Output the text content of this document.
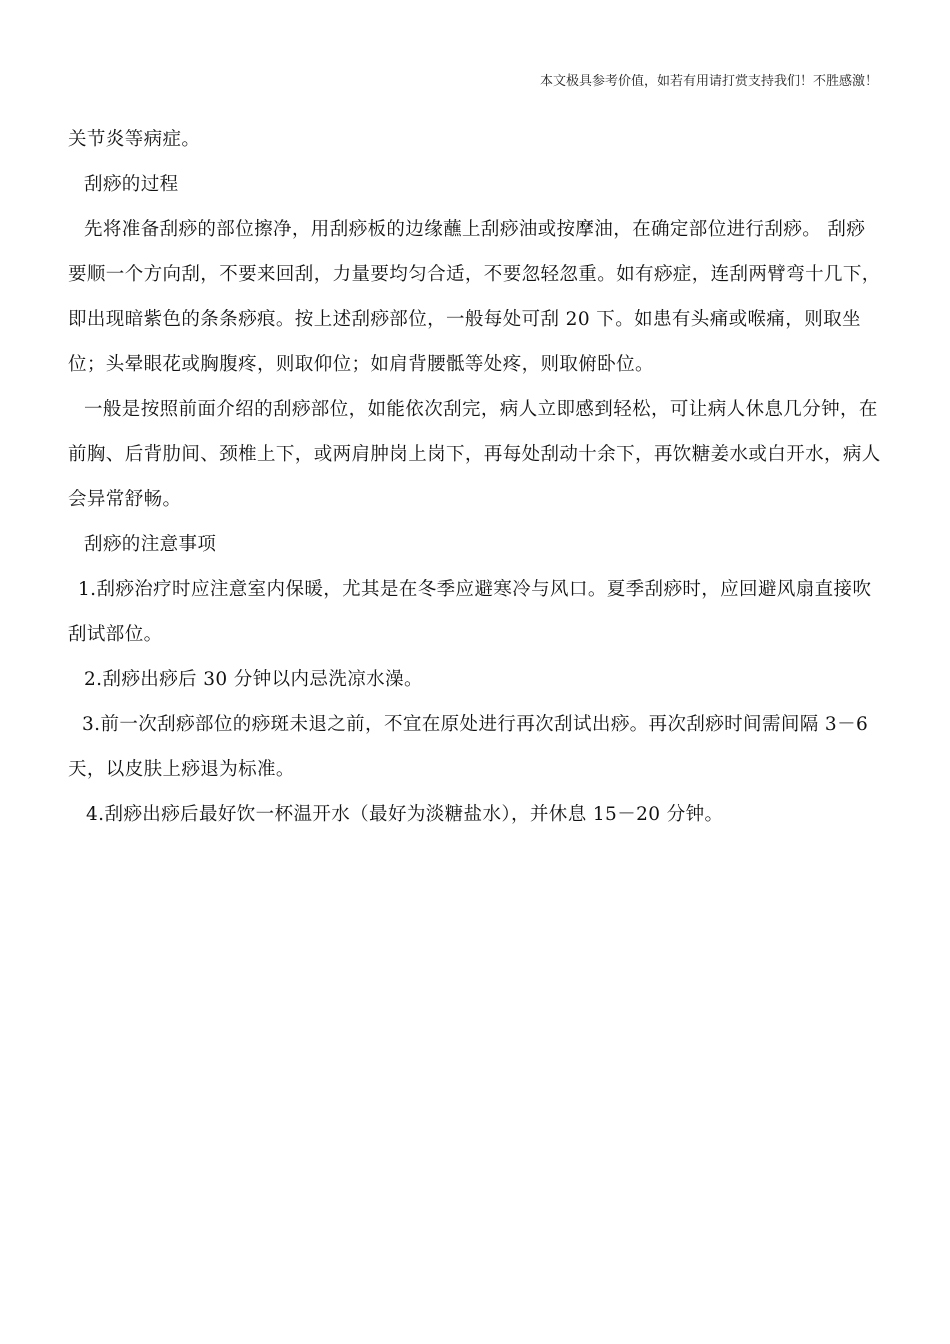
本文极具参考价值，如若有用请打赏支持我们！不胜感激！

关节炎等病症。

刮痧的过程

先将准备刮痧的部位擦净，用刮痧板的边缘蘸上刮痧油或按摩油，在确定部位进行刮痧。 刮痧要顺一个方向刮，不要来回刮，力量要均匀合适，不要忽轻忽重。如有痧症，连刮两臂弯十几下，即出现暗紫色的条条痧痕。按上述刮痧部位，一般每处可刮 20 下。如患有头痛或喉痛，则取坐位；头晕眼花或胸腹疼，则取仰位；如肩背腰骶等处疼，则取俯卧位。

一般是按照前面介绍的刮痧部位，如能依次刮完，病人立即感到轻松，可让病人休息几分钟，在前胸、后背肋间、颈椎上下，或两肩肿岗上岗下，再每处刮动十余下，再饮糖姜水或白开水，病人会异常舒畅。

刮痧的注意事项

1.刮痧治疗时应注意室内保暖，尤其是在冬季应避寒冷与风口。夏季刮痧时，应回避风扇直接吹刮试部位。

2.刮痧出痧后 30 分钟以内忌洗凉水澡。

3.前一次刮痧部位的痧斑未退之前，不宜在原处进行再次刮试出痧。再次刮痧时间需间隔 3－6 天，以皮肤上痧退为标准。

4.刮痧出痧后最好饮一杯温开水（最好为淡糖盐水），并休息 15－20 分钟。
